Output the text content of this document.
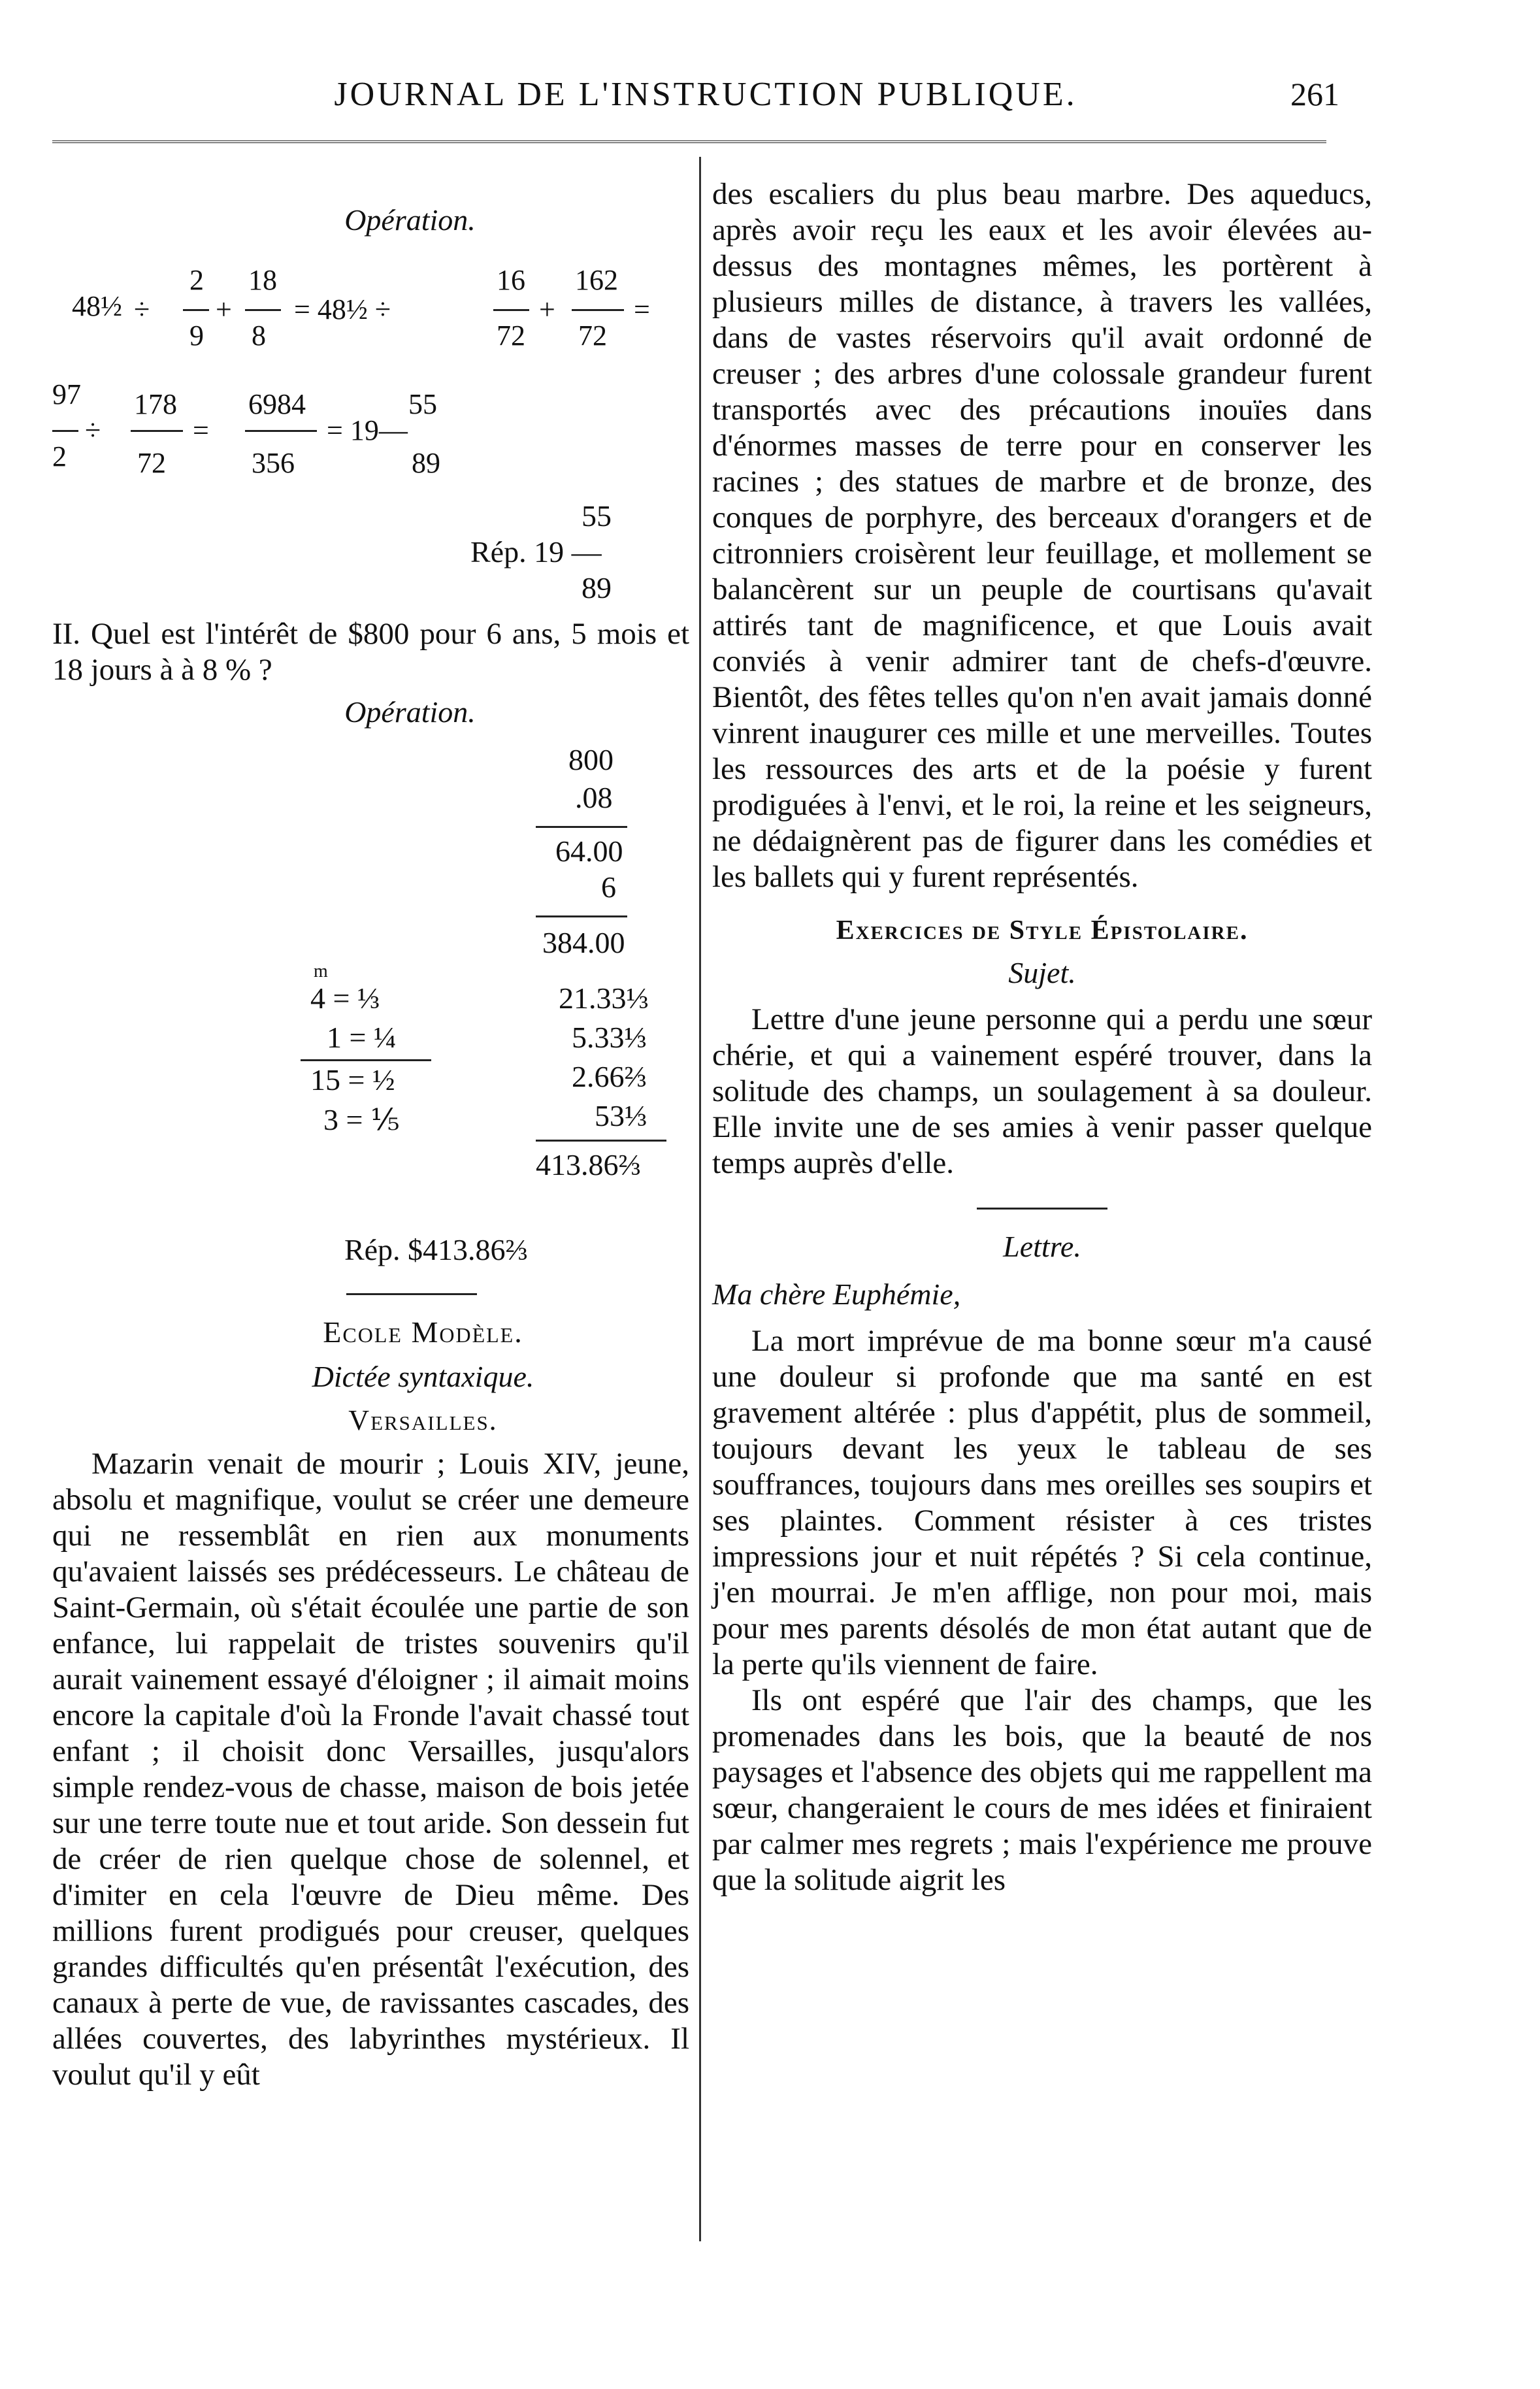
JOURNAL DE L'INSTRUCTION PUBLIQUE.	261
Opération.
2 18	16 162
48½ ÷ + = 48½ ÷	+	=
9 8	72 72
97 178 6984	55
÷	=	= 19—
2 72	356	89
55
Rép. 19 —
89

II. Quel est l'intérêt de $800 pour 6 ans, 5 mois et 18 jours à à 8 % ?

Opération.
800
.08
64.00
6
384.00
m
4 = ⅓	21.33⅓
1 = ¼	5.33⅓
15 = ½	2.66⅔
3 = ⅕	53⅓
413.86⅔
Rép. $413.86⅔
Ecole Modèle.
Dictée syntaxique.
Versailles.

Mazarin venait de mourir ; Louis XIV, jeune, absolu et magnifique, voulut se créer une demeure qui ne ressemblât en rien aux monuments qu'avaient laissés ses prédécesseurs. Le château de Saint-Germain, où s'était écoulée une partie de son enfance, lui rappelait de tristes souvenirs qu'il aurait vainement essayé d'éloigner ; il aimait moins encore la capitale d'où la Fronde l'avait chassé tout enfant ; il choisit donc Versailles, jusqu'alors simple rendez-vous de chasse, maison de bois jetée sur une terre toute nue et tout aride. Son dessein fut de créer de rien quelque chose de solennel, et d'imiter en cela l'œuvre de Dieu même. Des millions furent prodigués pour creuser, quelques grandes difficultés qu'en présentât l'exécution, des canaux à perte de vue, de ravissantes cascades, des allées couvertes, des labyrinthes mystérieux. Il voulut qu'il y eût

des escaliers du plus beau marbre. Des aqueducs, après avoir reçu les eaux et les avoir élevées au-dessus des montagnes mêmes, les portèrent à plusieurs milles de distance, à travers les vallées, dans de vastes réservoirs qu'il avait ordonné de creuser ; des arbres d'une colossale grandeur furent transportés avec des précautions inouïes dans d'énormes masses de terre pour en conserver les racines ; des statues de marbre et de bronze, des conques de porphyre, des berceaux d'orangers et de citronniers croisèrent leur feuillage, et mollement se balancèrent sur un peuple de courtisans qu'avait attirés tant de magnificence, et que Louis avait conviés à venir admirer tant de chefs-d'œuvre. Bientôt, des fêtes telles qu'on n'en avait jamais donné vinrent inaugurer ces mille et une merveilles. Toutes les ressources des arts et de la poésie y furent prodiguées à l'envi, et le roi, la reine et les seigneurs, ne dédaignèrent pas de figurer dans les comédies et les ballets qui y furent représentés.

Exercices de Style Épistolaire.
Sujet.

Lettre d'une jeune personne qui a perdu une sœur chérie, et qui a vainement espéré trouver, dans la solitude des champs, un soulagement à sa douleur. Elle invite une de ses amies à venir passer quelque temps auprès d'elle.

Lettre.
Ma chère Euphémie,

La mort imprévue de ma bonne sœur m'a causé une douleur si profonde que ma santé en est gravement altérée : plus d'appétit, plus de sommeil, toujours devant les yeux le tableau de ses souffrances, toujours dans mes oreilles ses soupirs et ses plaintes. Comment résister à ces tristes impressions jour et nuit répétés ? Si cela continue, j'en mourrai. Je m'en afflige, non pour moi, mais pour mes parents désolés de mon état autant que de la perte qu'ils viennent de faire.

Ils ont espéré que l'air des champs, que les promenades dans les bois, que la beauté de nos paysages et l'absence des objets qui me rappellent ma sœur, changeraient le cours de mes idées et finiraient par calmer mes regrets ; mais l'expérience me prouve que la solitude aigrit les
